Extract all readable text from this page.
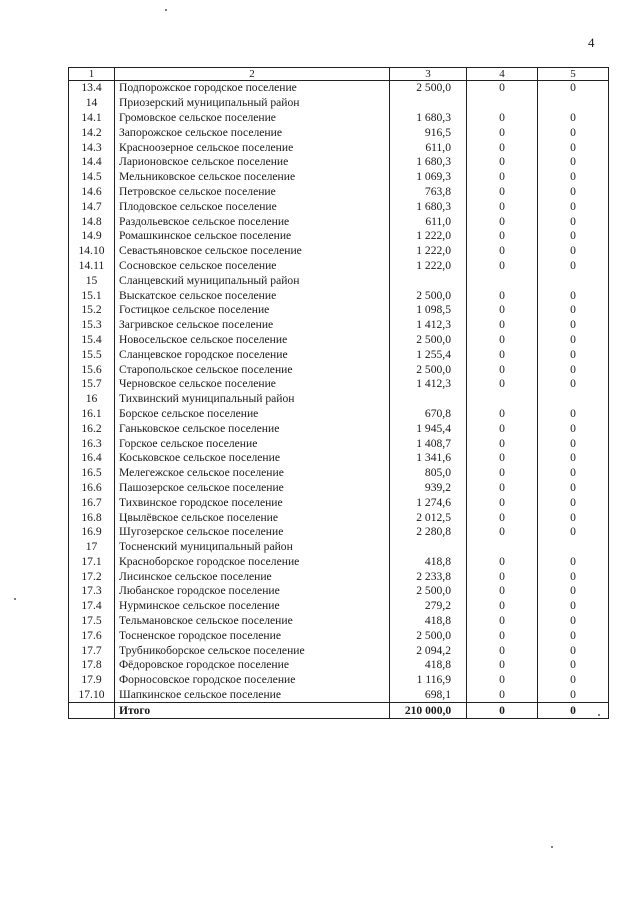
4
1	2	3	4	5
13.4	Подпорожское городское поселение	2 500,0	0	0
14	Приозерский муниципальный район			
14.1	Громовское сельское поселение	1 680,3	0	0
14.2	Запорожское сельское поселение	916,5	0	0
14.3	Красноозерное сельское поселение	611,0	0	0
14.4	Ларионовское сельское поселение	1 680,3	0	0
14.5	Мельниковское сельское поселение	1 069,3	0	0
14.6	Петровское сельское поселение	763,8	0	0
14.7	Плодовское сельское поселение	1 680,3	0	0
14.8	Раздольевское сельское поселение	611,0	0	0
14.9	Ромашкинское сельское поселение	1 222,0	0	0
14.10	Севастьяновское сельское поселение	1 222,0	0	0
14.11	Сосновское сельское поселение	1 222,0	0	0
15	Сланцевский муниципальный район			
15.1	Выскатское сельское поселение	2 500,0	0	0
15.2	Гостицкое сельское поселение	1 098,5	0	0
15.3	Загривское сельское поселение	1 412,3	0	0
15.4	Новосельское сельское поселение	2 500,0	0	0
15.5	Сланцевское городское поселение	1 255,4	0	0
15.6	Старопольское сельское поселение	2 500,0	0	0
15.7	Черновское сельское поселение	1 412,3	0	0
16	Тихвинский муниципальный район			
16.1	Борское сельское поселение	670,8	0	0
16.2	Ганьковское сельское поселение	1 945,4	0	0
16.3	Горское сельское поселение	1 408,7	0	0
16.4	Коськовское сельское поселение	1 341,6	0	0
16.5	Мелегежское сельское поселение	805,0	0	0
16.6	Пашозерское сельское поселение	939,2	0	0
16.7	Тихвинское городское поселение	1 274,6	0	0
16.8	Цвылёвское сельское поселение	2 012,5	0	0
16.9	Шугозерское сельское поселение	2 280,8	0	0
17	Тосненский муниципальный район			
17.1	Красноборское городское поселение	418,8	0	0
17.2	Лисинское сельское поселение	2 233,8	0	0
17.3	Любанское городское поселение	2 500,0	0	0
17.4	Нурминское сельское поселение	279,2	0	0
17.5	Тельмановское сельское поселение	418,8	0	0
17.6	Тосненское городское поселение	2 500,0	0	0
17.7	Трубникоборское сельское поселение	2 094,2	0	0
17.8	Фёдоровское городское поселение	418,8	0	0
17.9	Форносовское городское поселение	1 116,9	0	0
17.10	Шапкинское сельское поселение	698,1	0	0
	Итого	210 000,0	0	0
